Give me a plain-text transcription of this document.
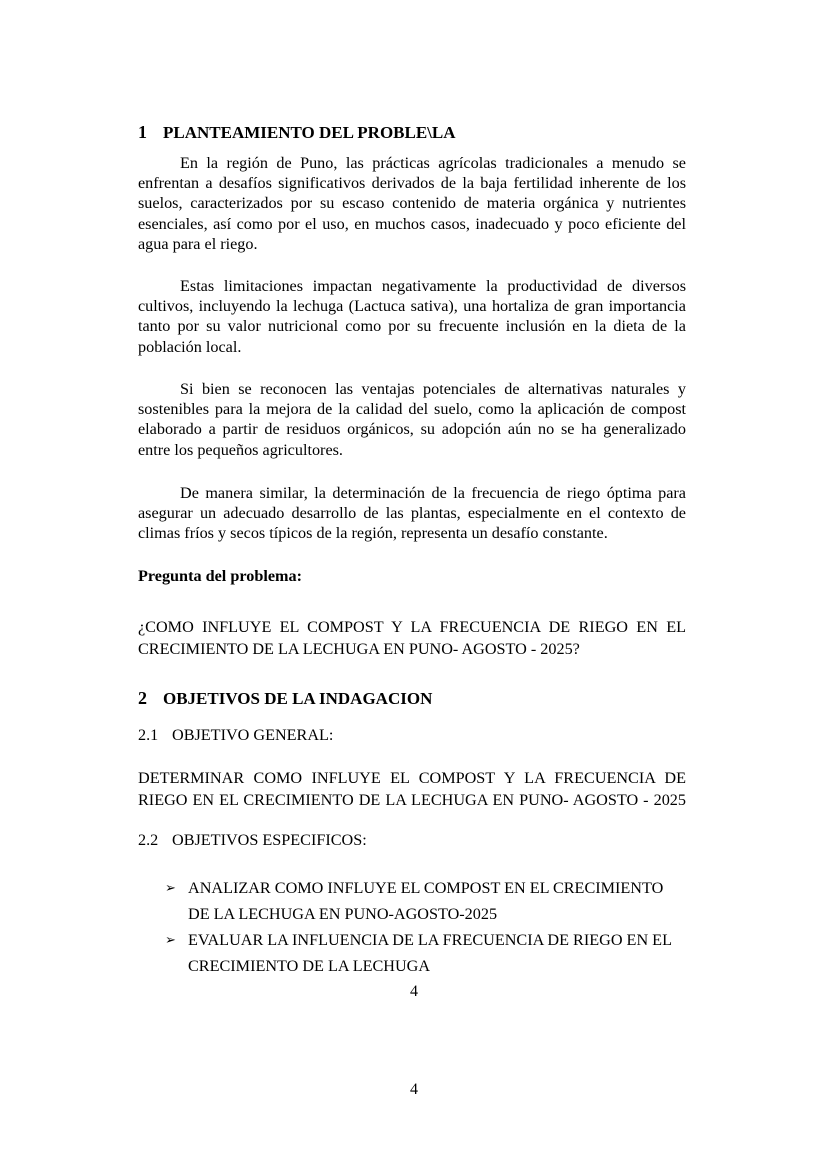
1 PLANTEAMIENTO DEL PROBLE\LA

En la región de Puno, las prácticas agrícolas tradicionales a menudo se enfrentan a desafíos significativos derivados de la baja fertilidad inherente de los suelos, caracterizados por su escaso contenido de materia orgánica y nutrientes esenciales, así como por el uso, en muchos casos, inadecuado y poco eficiente del agua para el riego.

Estas limitaciones impactan negativamente la productividad de diversos cultivos, incluyendo la lechuga (Lactuca sativa), una hortaliza de gran importancia tanto por su valor nutricional como por su frecuente inclusión en la dieta de la población local.

Si bien se reconocen las ventajas potenciales de alternativas naturales y sostenibles para la mejora de la calidad del suelo, como la aplicación de compost elaborado a partir de residuos orgánicos, su adopción aún no se ha generalizado entre los pequeños agricultores.

De manera similar, la determinación de la frecuencia de riego óptima para asegurar un adecuado desarrollo de las plantas, especialmente en el contexto de climas fríos y secos típicos de la región, representa un desafío constante.

Pregunta del problema:
¿COMO INFLUYE EL COMPOST Y LA FRECUENCIA DE RIEGO EN EL
CRECIMIENTO DE LA LECHUGA EN PUNO- AGOSTO - 2025?
2 OBJETIVOS DE LA INDAGACION
2.1 OBJETIVO GENERAL:
DETERMINAR COMO INFLUYE EL COMPOST Y LA FRECUENCIA DE
RIEGO EN EL CRECIMIENTO DE LA LECHUGA EN PUNO- AGOSTO - 2025
2.2 OBJETIVOS ESPECIFICOS:
➢ ANALIZAR COMO INFLUYE EL COMPOST EN EL CRECIMIENTO
DE LA LECHUGA EN PUNO-AGOSTO-2025
➢ EVALUAR LA INFLUENCIA DE LA FRECUENCIA DE RIEGO EN EL
CRECIMIENTO DE LA LECHUGA
4
4
